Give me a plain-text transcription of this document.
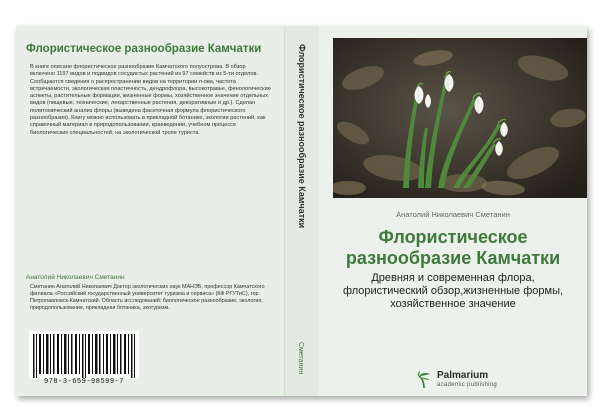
Флористическое разнообразие Камчатки
В книге описано флористическое разнообразие Камчатского полуострова. В обзор включено 1197 видов и подвидов сосудистых растений из 97 семейств из 5-ти отделов. Сообщаются сведения о распространении видов на территории п-ова, частота встречаемости, экологическая пластичность, дендрофлора, высокотравье, фенологические аспекты, растительные формации, жизненные формы, хозяйственное значение отдельных видов (пищевые, технические, лекарственные растения, декоративные и др.). Сделан политомический анализ флоры (выведена фасеточная формула флористического разнообразия). Книгу можно использовать в прикладной ботанике, экологии растений, как справочный материал в природопользовании, краеведении, учебном процессе биологических специальностей, на экологической тропе туриста.
Анатолий Николаевич Сметанин
Сметанин Анатолий Николаевич Доктор экологических наук МАНЭБ, профессор Камчатского филиала «Российский государственный университет туризма и сервиса» (КФ РГУТиС), гор. Петропавловск-Камчатский. Область исследований: биологическое разнообразие, экология, природопользование, прикладная ботаника, экотуризм.
978-3-659-98599-7
Флористическое разнообразие Камчатки
Сметанин
Анатолий Николаевич Сметанин
Флористическое
разнообразие Камчатки
Древняя и современная флора,
флористический обзор,жизненные формы,
хозяйственное значение
Palmarium
academic publishing
